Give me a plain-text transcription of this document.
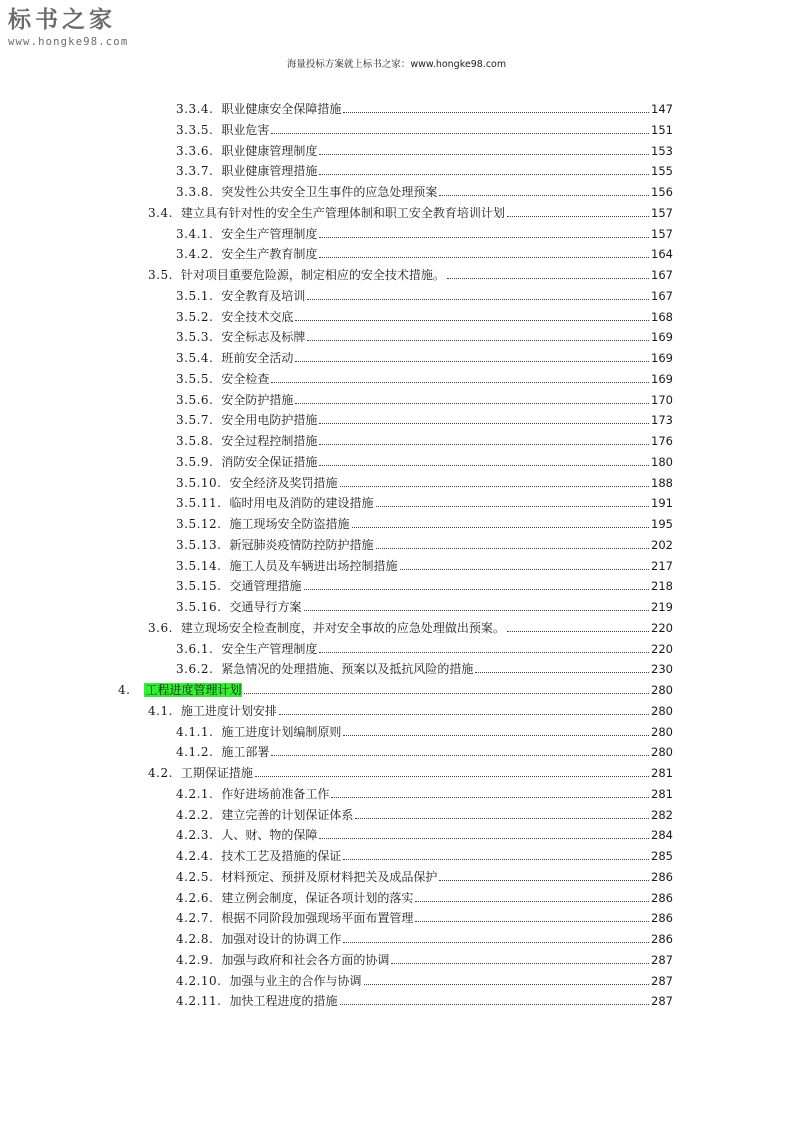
标书之家
www.hongke98.com
海量投标方案就上标书之家：www.hongke98.com
3.3.4. 职业健康安全保障措施	147
3.3.5. 职业危害	151
3.3.6. 职业健康管理制度	153
3.3.7. 职业健康管理措施	155
3.3.8. 突发性公共安全卫生事件的应急处理预案	156
3.4. 建立具有针对性的安全生产管理体制和职工安全教育培训计划	157
3.4.1. 安全生产管理制度	157
3.4.2. 安全生产教育制度	164
3.5. 针对项目重要危险源，制定相应的安全技术措施。	167
3.5.1. 安全教育及培训	167
3.5.2. 安全技术交底	168
3.5.3. 安全标志及标牌	169
3.5.4. 班前安全活动	169
3.5.5. 安全检查	169
3.5.6. 安全防护措施	170
3.5.7. 安全用电防护措施	173
3.5.8. 安全过程控制措施	176
3.5.9. 消防安全保证措施	180
3.5.10. 安全经济及奖罚措施	188
3.5.11. 临时用电及消防的建设措施	191
3.5.12. 施工现场安全防盗措施	195
3.5.13. 新冠肺炎疫情防控防护措施	202
3.5.14. 施工人员及车辆进出场控制措施	217
3.5.15. 交通管理措施	218
3.5.16. 交通导行方案	219
3.6. 建立现场安全检查制度，并对安全事故的应急处理做出预案。	220
3.6.1. 安全生产管理制度	220
3.6.2. 紧急情况的处理措施、预案以及抵抗风险的措施	230
4. 工程进度管理计划	280
4.1. 施工进度计划安排	280
4.1.1. 施工进度计划编制原则	280
4.1.2. 施工部署	280
4.2. 工期保证措施	281
4.2.1. 作好进场前准备工作	281
4.2.2. 建立完善的计划保证体系	282
4.2.3. 人、财、物的保障	284
4.2.4. 技术工艺及措施的保证	285
4.2.5. 材料预定、预拼及原材料把关及成品保护	286
4.2.6. 建立例会制度，保证各项计划的落实	286
4.2.7. 根据不同阶段加强现场平面布置管理	286
4.2.8. 加强对设计的协调工作	286
4.2.9. 加强与政府和社会各方面的协调	287
4.2.10. 加强与业主的合作与协调	287
4.2.11. 加快工程进度的措施	287
